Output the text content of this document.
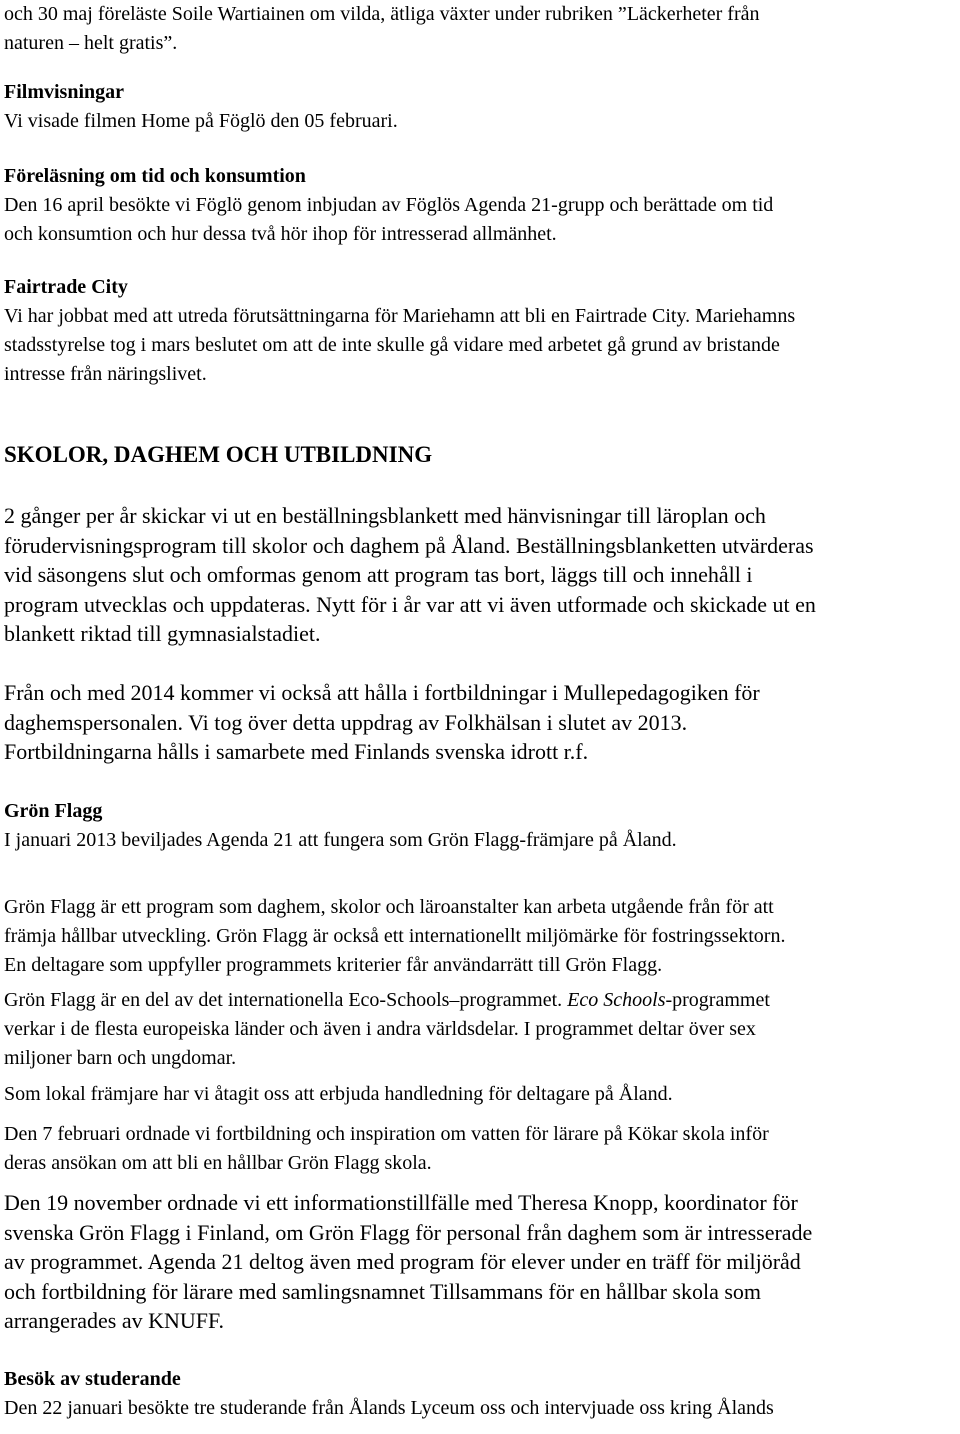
och 30 maj föreläste Soile Wartiainen om vilda, ätliga växter under rubriken ”Läckerheter från
naturen – helt gratis”.

Filmvisningar
Vi visade filmen Home på Föglö den 05 februari.
Föreläsning om tid och konsumtion
Den 16 april besökte vi Föglö genom inbjudan av Föglös Agenda 21-grupp och berättade om tid
och konsumtion och hur dessa två hör ihop för intresserad allmänhet.
Fairtrade City
Vi har jobbat med att utreda förutsättningarna för Mariehamn att bli en Fairtrade City. Mariehamns
stadsstyrelse tog i mars beslutet om att de inte skulle gå vidare med arbetet gå grund av bristande
intresse från näringslivet.
SKOLOR, DAGHEM OCH UTBILDNING

2 gånger per år skickar vi ut en beställningsblankett med hänvisningar till läroplan och
förudervisningsprogram till skolor och daghem på Åland. Beställningsblanketten utvärderas
vid säsongens slut och omformas genom att program tas bort, läggs till och innehåll i
program utvecklas och uppdateras. Nytt för i år var att vi även utformade och skickade ut en
blankett riktad till gymnasialstadiet.

Från och med 2014 kommer vi också att hålla i fortbildningar i Mullepedagogiken för
daghemspersonalen. Vi tog över detta uppdrag av Folkhälsan i slutet av 2013.
Fortbildningarna hålls i samarbete med Finlands svenska idrott r.f.

Grön Flagg
I januari 2013 beviljades Agenda 21 att fungera som Grön Flagg-främjare på Åland.

Grön Flagg är ett program som daghem, skolor och läroanstalter kan arbeta utgående från för att
främja hållbar utveckling. Grön Flagg är också ett internationellt miljömärke för fostringssektorn.
En deltagare som uppfyller programmets kriterier får användarrätt till Grön Flagg.

Grön Flagg är en del av det internationella Eco-Schools–programmet. Eco Schools-programmet
verkar i de flesta europeiska länder och även i andra världsdelar. I programmet deltar över sex
miljoner barn och ungdomar.

Som lokal främjare har vi åtagit oss att erbjuda handledning för deltagare på Åland.

Den 7 februari ordnade vi fortbildning och inspiration om vatten för lärare på Kökar skola inför
deras ansökan om att bli en hållbar Grön Flagg skola.

Den 19 november ordnade vi ett informationstillfälle med Theresa Knopp, koordinator för
svenska Grön Flagg i Finland, om Grön Flagg för personal från daghem som är intresserade
av programmet. Agenda 21 deltog även med program för elever under en träff för miljöråd
och fortbildning för lärare med samlingsnamnet Tillsammans för en hållbar skola som
arrangerades av KNUFF.

Besök av studerande
Den 22 januari besökte tre studerande från Ålands Lyceum oss och intervjuade oss kring Ålands
